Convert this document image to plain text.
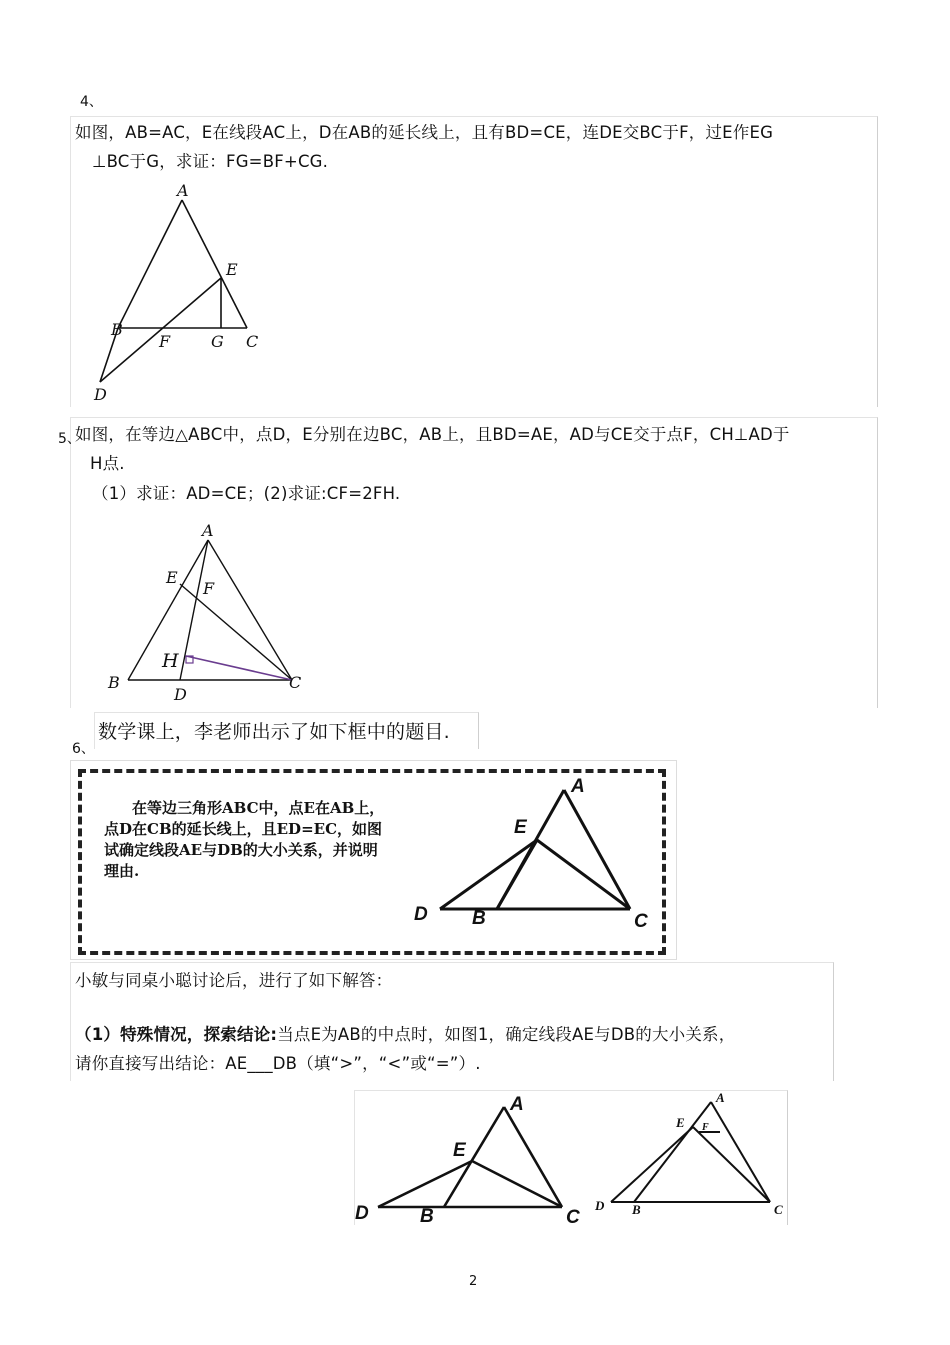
4、
如图，AB=AC，E在线段AC上，D在AB的延长线上，且有BD=CE，连DE交BC于F，过E作EG
⊥BC于G，求证：FG=BF+CG.
A
B
C
D
E
F	G
5、
如图，在等边△ABC中，点D，E分别在边BC，AB上，且BD=AE，AD与CE交于点F，CH⊥AD于
H点.
（1）求证：AD=CE；(2)求证:CF=2FH.
A
B	C
D
E
F
H
数学课上，李老师出示了如下框中的题目.
6、
在等边三角形ABC中，点E在AB上，
点D在CB的延长线上，且ED=EC，如图
试确定线段AE与DB的大小关系，并说明
理由.
A
B	C
D
E
小敏与同桌小聪讨论后，进行了如下解答：
（1）特殊情况，探索结论:当点E为AB的中点时，如图1，确定线段AE与DB的大小关系，
请你直接写出结论：AE___DB（填“>”，“<”或“=”）.
A
B	C
D
E
A
B	C
D
E F
2
